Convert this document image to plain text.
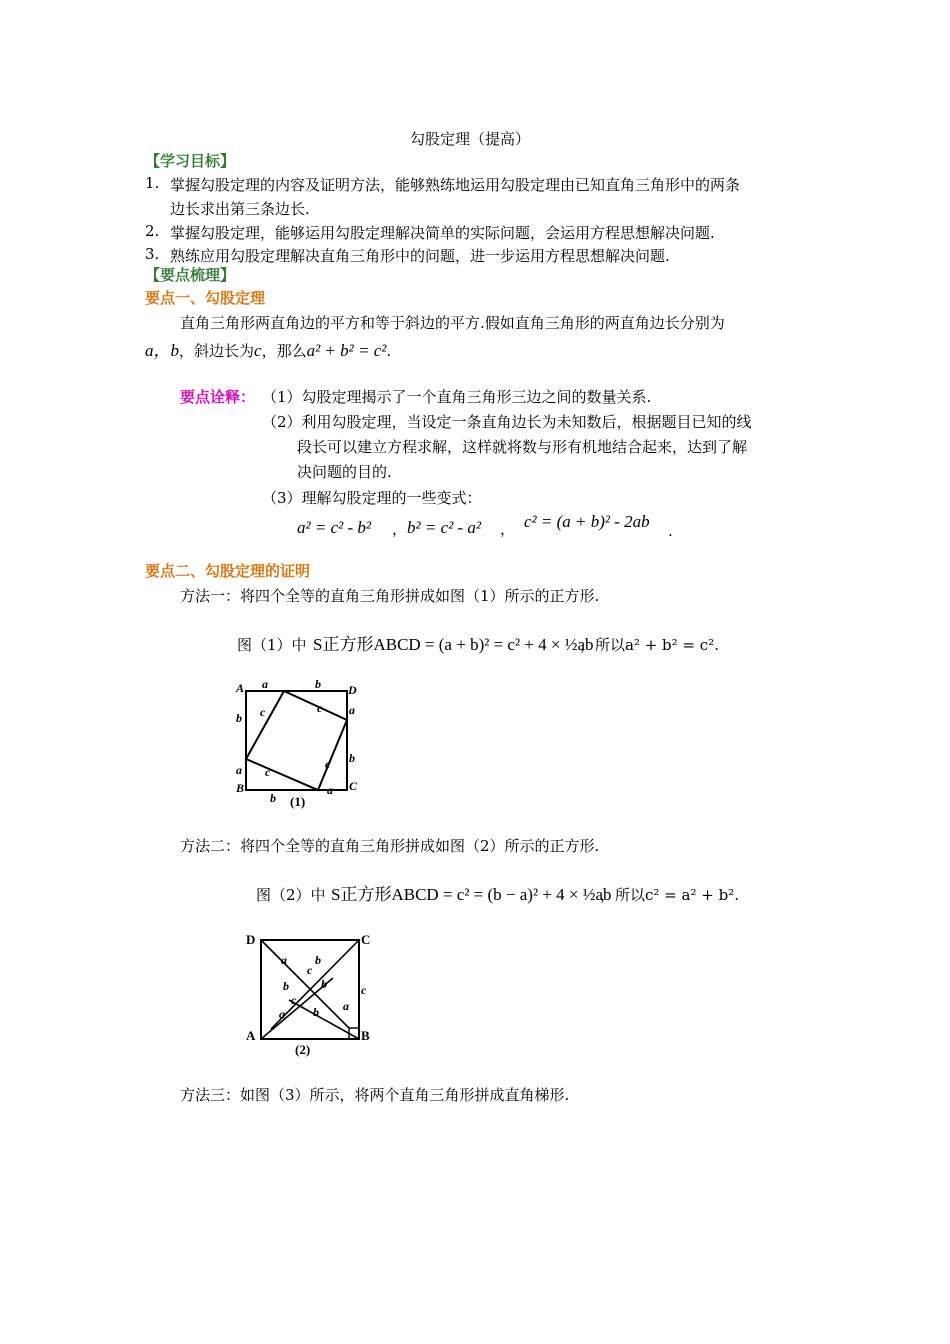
勾股定理（提高）
【学习目标】
1. 掌握勾股定理的内容及证明方法，能够熟练地运用勾股定理由已知直角三角形中的两条
边长求出第三条边长.
2. 掌握勾股定理，能够运用勾股定理解决简单的实际问题，会运用方程思想解决问题.
3. 熟练应用勾股定理解决直角三角形中的问题，进一步运用方程思想解决问题.
【要点梳理】
要点一、勾股定理
直角三角形两直角边的平方和等于斜边的平方.假如直角三角形的两直角边长分别为
a，b，斜边长为c，那么a² + b² = c².
要点诠释： （1）勾股定理揭示了一个直角三角形三边之间的数量关系.
（2）利用勾股定理，当设定一条直角边长为未知数后，根据题目已知的线
段长可以建立方程求解，这样就将数与形有机地结合起来，达到了解
决问题的目的.
（3）理解勾股定理的一些变式：
a² = c² - b² ， b² = c² - a² ， c² = (a + b)² - 2ab .
要点二、勾股定理的证明
方法一：将四个全等的直角三角形拼成如图（1）所示的正方形.
图（1）中 S正方形ABCD = (a + b)² = c² + 4 × ½ab
，所以a² + b² = c².
A	D
B	C
a	b
b
a
a
b
b
a
c	c
c
c
(1)
方法二：将四个全等的直角三角形拼成如图（2）所示的正方形.
图（2）中 S正方形ABCD = c² = (b − a)² + 4 × ½ab
，所以c² = a² + b².
D	C
A	B
a b
c
c
b	b
c	a
a b
(2)
方法三：如图（3）所示，将两个直角三角形拼成直角梯形.
